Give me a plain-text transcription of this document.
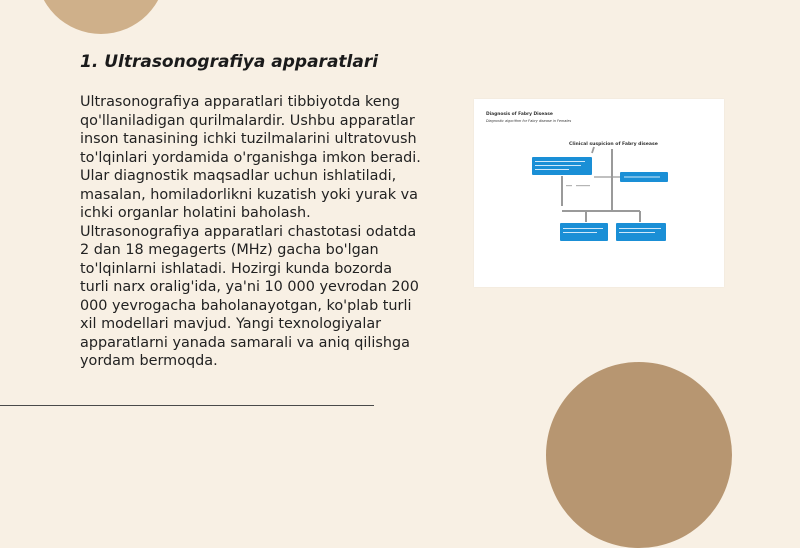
1. Ultrasonografiya apparatlari

Ultrasonografiya apparatlari tibbiyotda keng qo'llaniladigan qurilmalardir. Ushbu apparatlar inson tanasining ichki tuzilmalarini ultratovush to'lqinlari yordamida o'rganishga imkon beradi. Ular diagnostik maqsadlar uchun ishlatiladi, masalan, homiladorlikni kuzatish yoki yurak va ichki organlar holatini baholash. Ultrasonografiya apparatlari chastotasi odatda 2 dan 18 megagerts (MHz) gacha bo'lgan to'lqinlarni ishlatadi. Hozirgi kunda bozorda turli narx oralig'ida, ya'ni 10 000 yevrodan 200 000 yevrogacha baholanayotgan, ko'plab turli xil modellari mavjud. Yangi texnologiyalar apparatlarni yanada samarali va aniq qilishga yordam bermoqda.

Diagnosis of Fabry Disease
Diagnostic algorithm for Fabry disease in Females
Clinical suspicion of Fabry disease
